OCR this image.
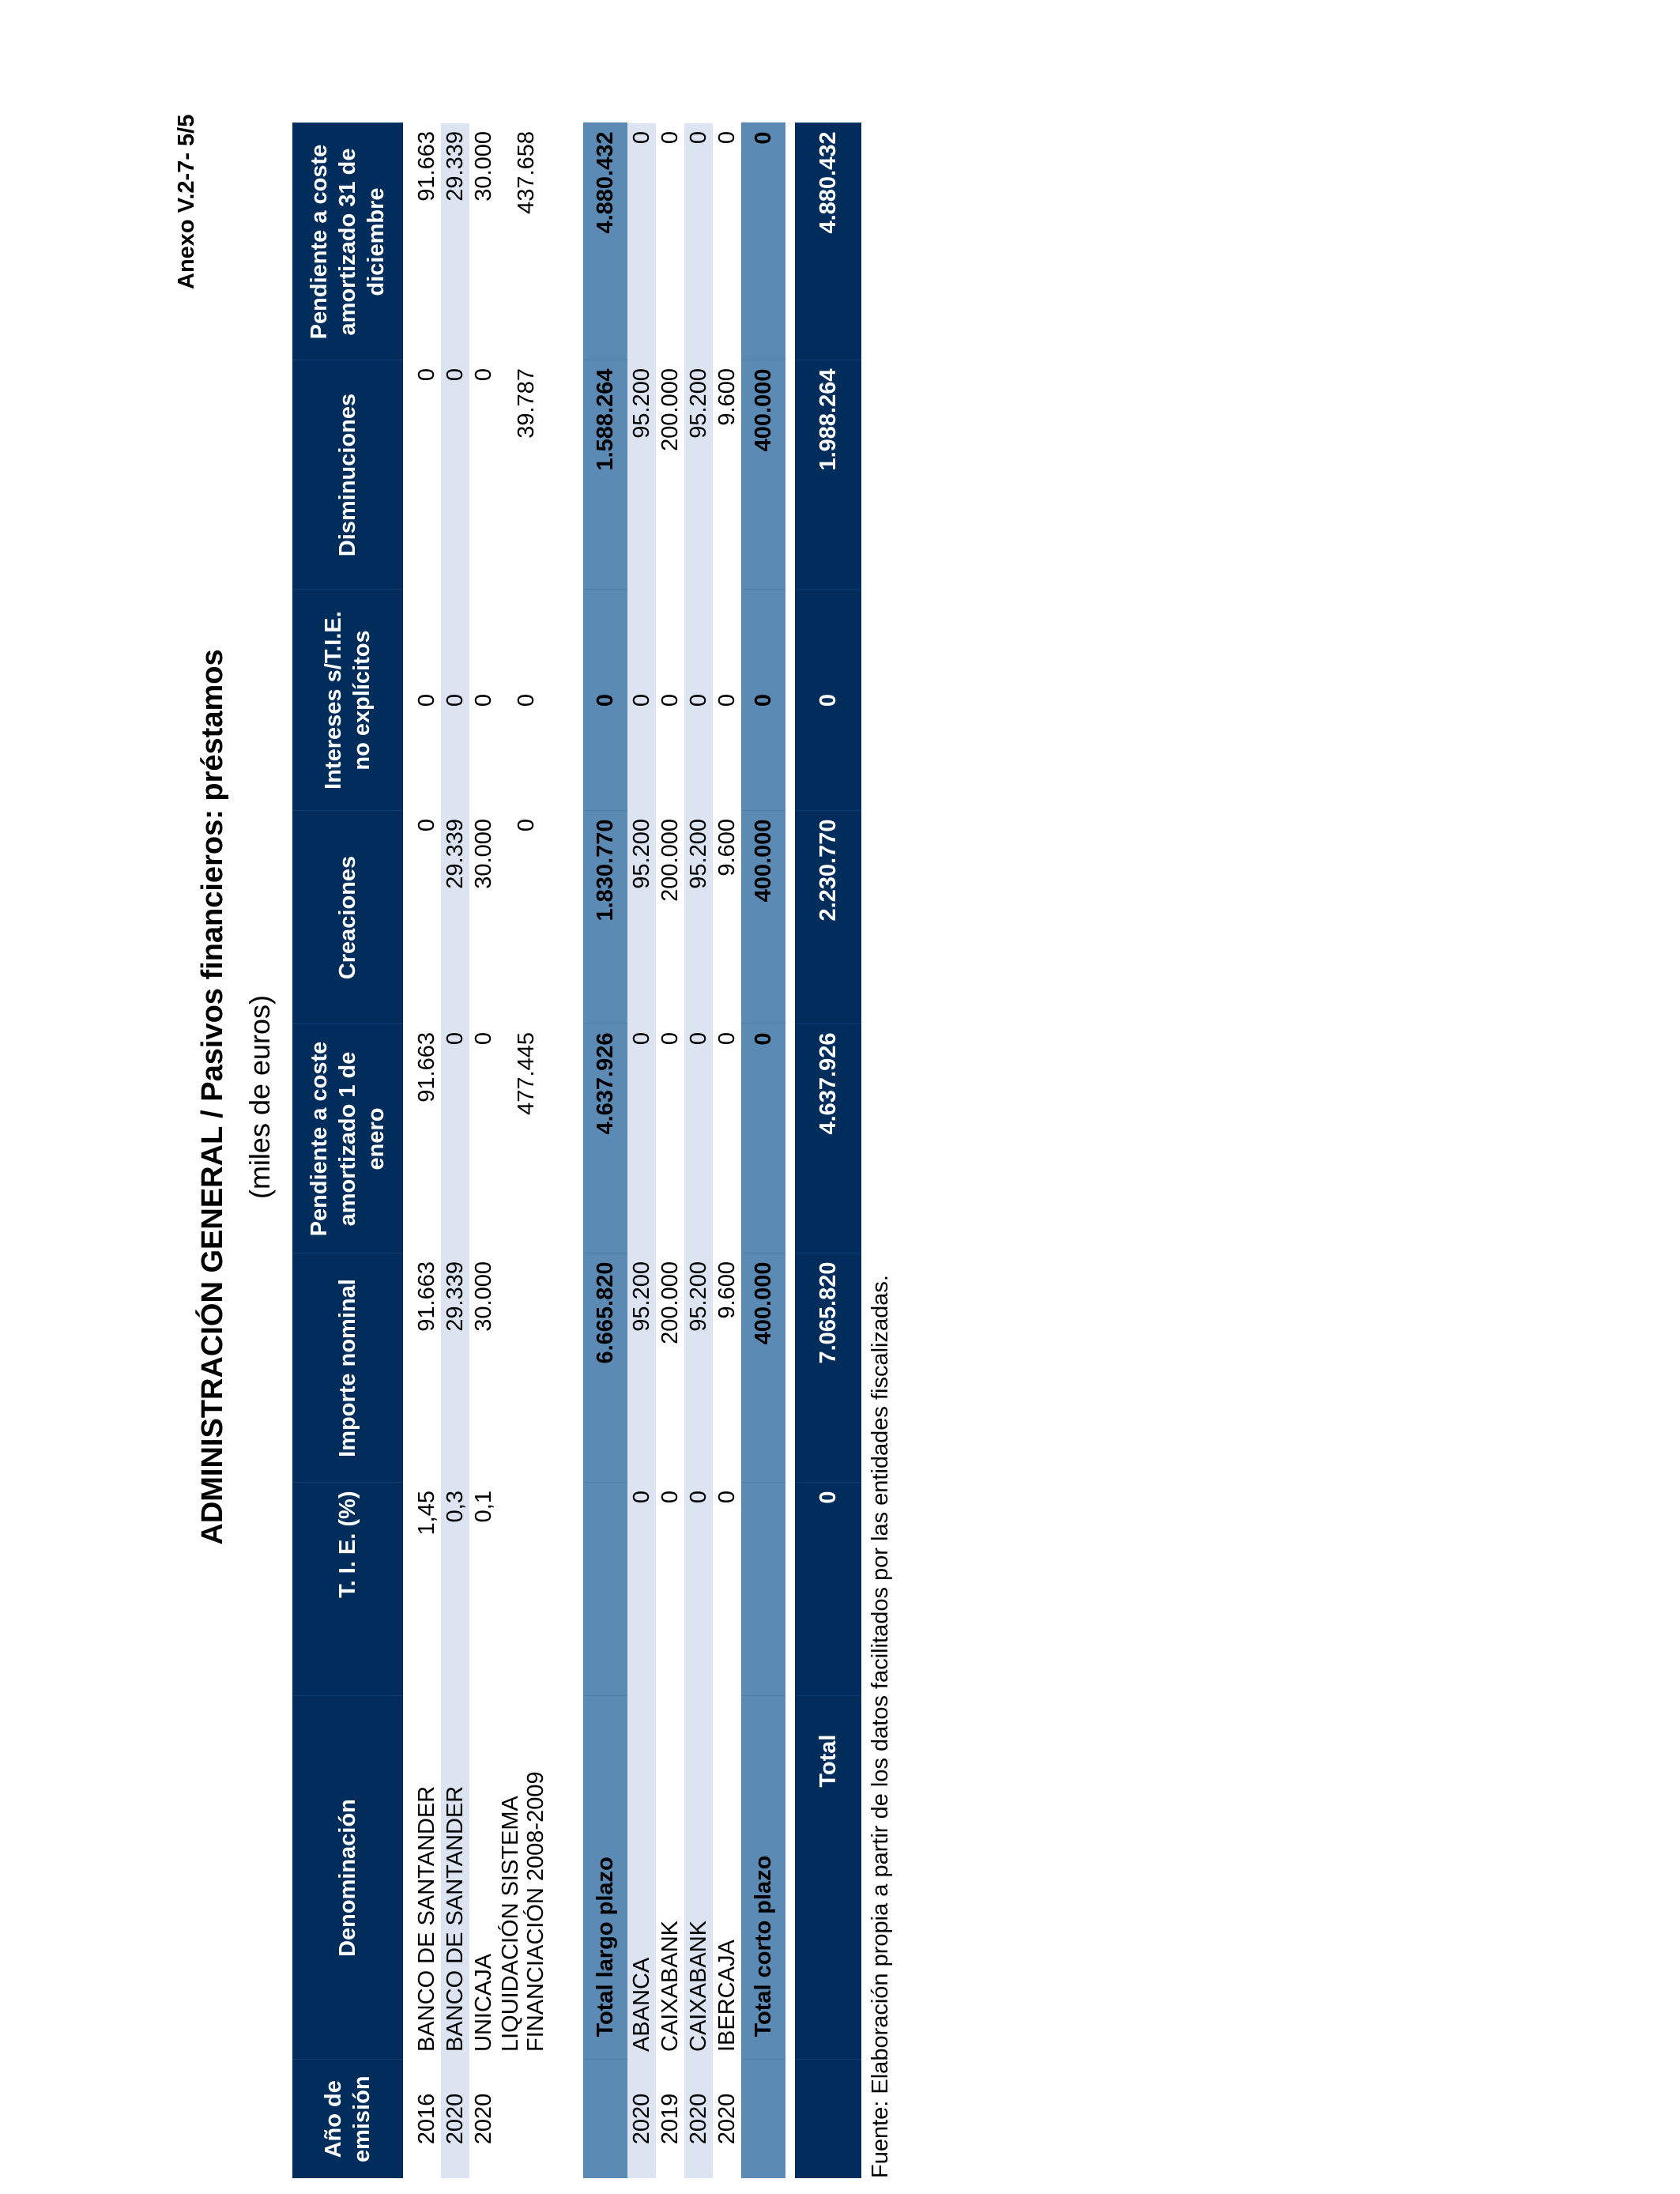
Anexo V.2-7- 5/5
ADMINISTRACIÓN GENERAL / Pasivos financieros: préstamos (miles de euros)
Año de emisión	Denominación	T. I. E. (%)	Importe nominal	Pendiente a coste amortizado 1 de enero	Creaciones	Intereses s/T.I.E. no explícitos	Disminuciones	Pendiente a coste amortizado 31 de diciembre

2016	BANCO DE SANTANDER	1,45	91.663	91.663	0	0	0	91.663
2020	BANCO DE SANTANDER	0,3	29.339	0	29.339	0	0	29.339
2020	UNICAJA	0,1	30.000	0	30.000	0	0	30.000
	LIQUIDACIÓN SISTEMA FINANCIACIÓN 2008-2009			477.445	0	0	39.787	437.658

	Total largo plazo		6.665.820	4.637.926	1.830.770	0	1.588.264	4.880.432
2020	ABANCA	0	95.200	0	95.200	0	95.200	0
2019	CAIXABANK	0	200.000	0	200.000	0	200.000	0
2020	CAIXABANK	0	95.200	0	95.200	0	95.200	0
2020	IBERCAJA	0	9.600	0	9.600	0	9.600	0
	Total corto plazo		400.000	0	400.000	0	400.000	0

	Total	0	7.065.820	4.637.926	2.230.770	0	1.988.264	4.880.432
Fuente: Elaboración propia a partir de los datos facilitados por las entidades fiscalizadas.
